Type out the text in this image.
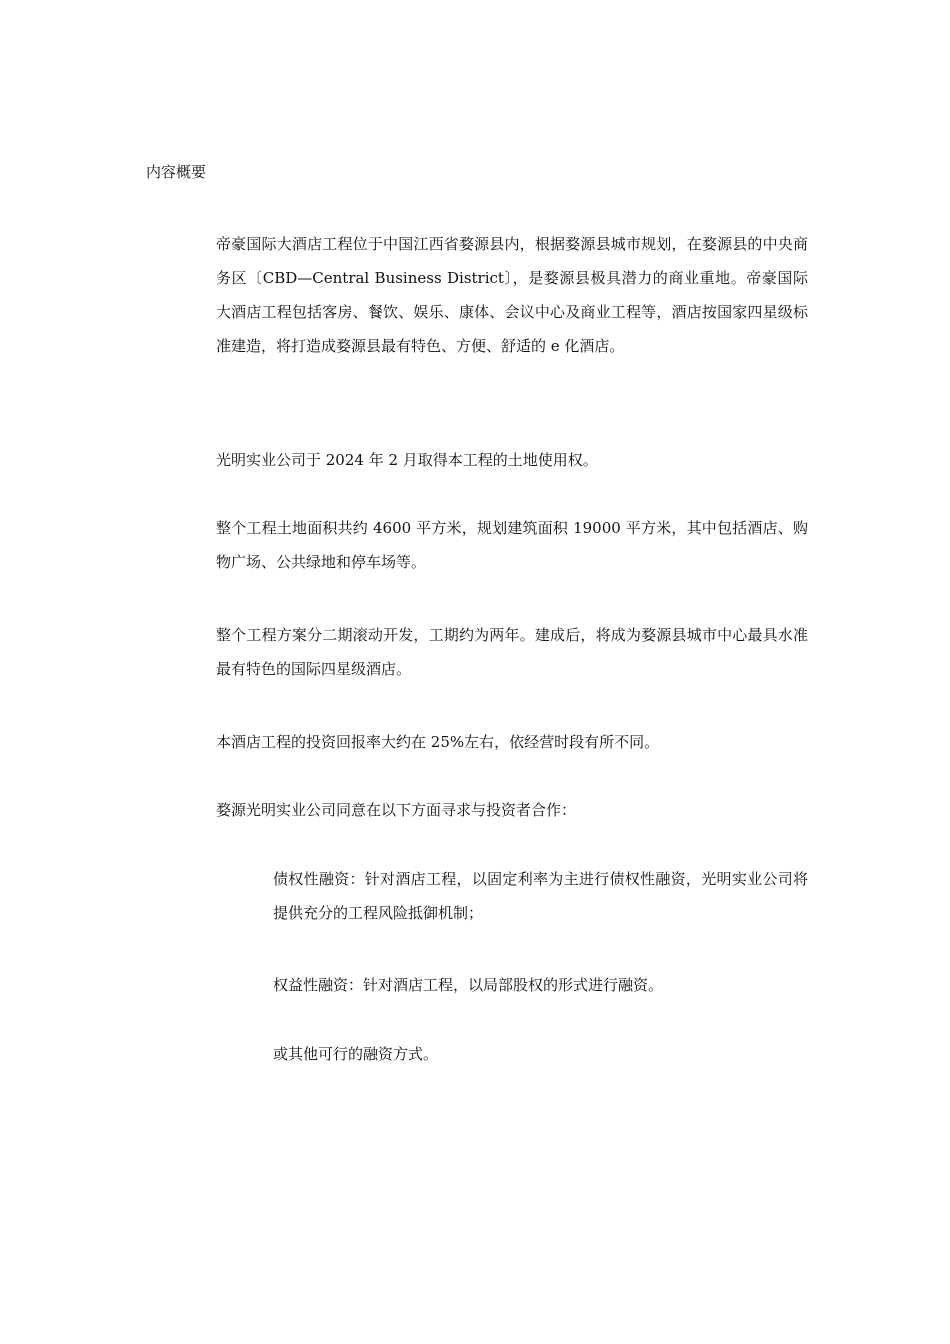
内容概要

帝豪国际大酒店工程位于中国江西省婺源县内，根据婺源县城市规划，在婺源县的中央商务区〔CBD—Central Business District〕，是婺源县极具潜力的商业重地。帝豪国际大酒店工程包括客房、餐饮、娱乐、康体、会议中心及商业工程等，酒店按国家四星级标准建造，将打造成婺源县最有特色、方便、舒适的 e 化酒店。

光明实业公司于 2024 年 2 月取得本工程的土地使用权。

整个工程土地面积共约 4600 平方米，规划建筑面积 19000 平方米，其中包括酒店、购物广场、公共绿地和停车场等。

整个工程方案分二期滚动开发，工期约为两年。建成后，将成为婺源县城市中心最具水准最有特色的国际四星级酒店。

本酒店工程的投资回报率大约在 25%左右，依经营时段有所不同。

婺源光明实业公司同意在以下方面寻求与投资者合作：

债权性融资：针对酒店工程，以固定利率为主进行债权性融资，光明实业公司将提供充分的工程风险抵御机制；

权益性融资：针对酒店工程，以局部股权的形式进行融资。

或其他可行的融资方式。
